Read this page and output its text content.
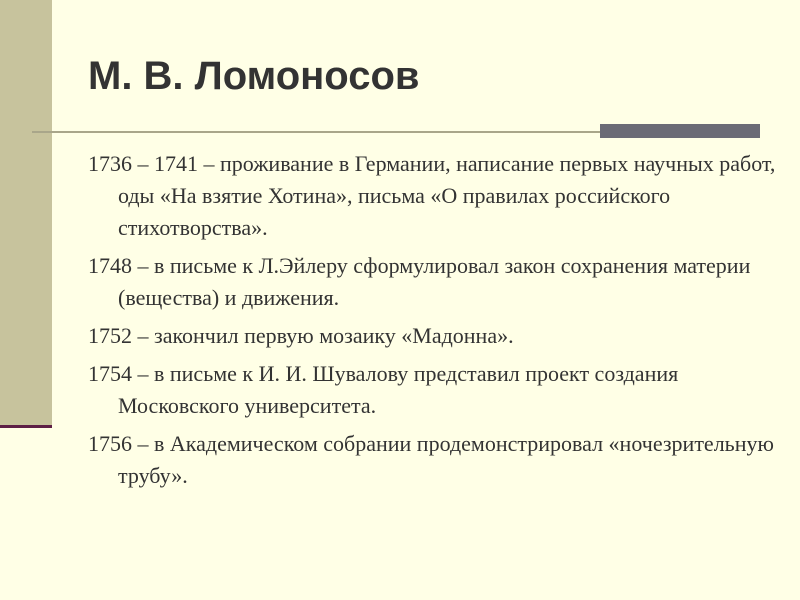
М. В. Ломоносов
1736 – 1741 – проживание в Германии, написание первых научных работ, оды «На взятие Хотина», письма «О правилах российского стихотворства».
1748 – в письме к Л.Эйлеру сформулировал закон сохранения материи (вещества) и движения.
1752 – закончил первую мозаику «Мадонна».
1754 – в письме к И. И. Шувалову представил проект создания Московского университета.
1756 – в Академическом собрании продемонстрировал «ночезрительную трубу».
